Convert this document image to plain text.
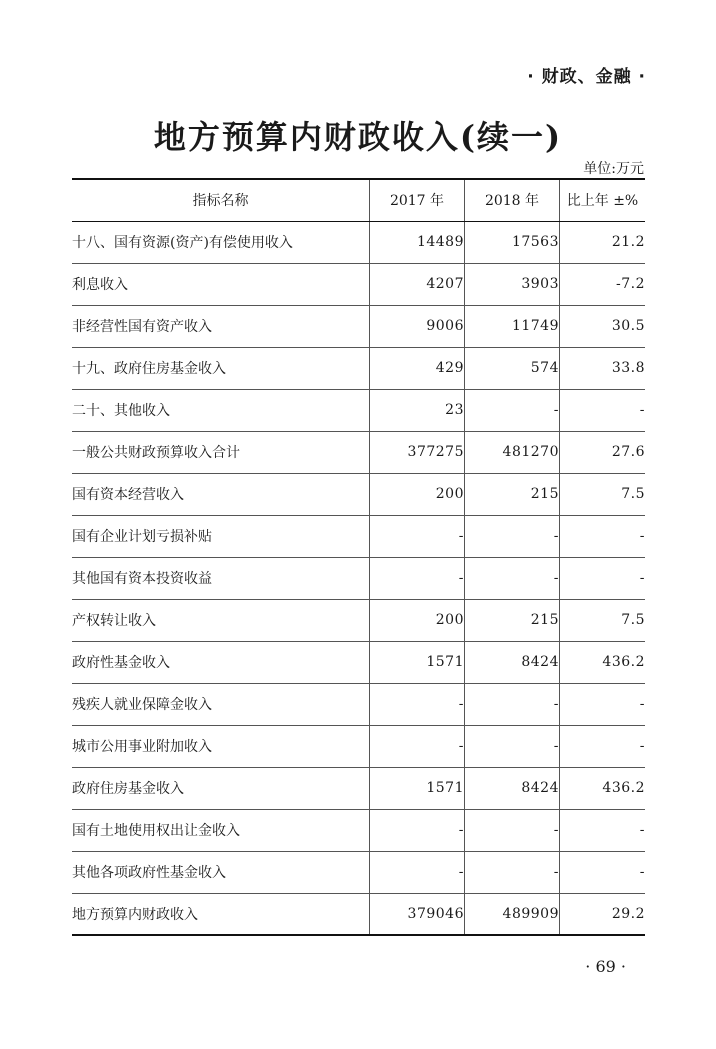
· 财政、金融 ·
地方预算内财政收入(续一)
单位:万元
指标名称	2017 年	2018 年	比上年 ±%
十八、国有资源(资产)有偿使用收入	14489	17563	21.2
利息收入	4207	3903	-7.2
非经营性国有资产收入	9006	11749	30.5
十九、政府住房基金收入	429	574	33.8
二十、其他收入	23	-	-
一般公共财政预算收入合计	377275	481270	27.6
国有资本经营收入	200	215	7.5
国有企业计划亏损补贴	-	-	-
其他国有资本投资收益	-	-	-
产权转让收入	200	215	7.5
政府性基金收入	1571	8424	436.2
残疾人就业保障金收入	-	-	-
城市公用事业附加收入	-	-	-
政府住房基金收入	1571	8424	436.2
国有土地使用权出让金收入	-	-	-
其他各项政府性基金收入	-	-	-
地方预算内财政收入	379046	489909	29.2
· 69 ·
